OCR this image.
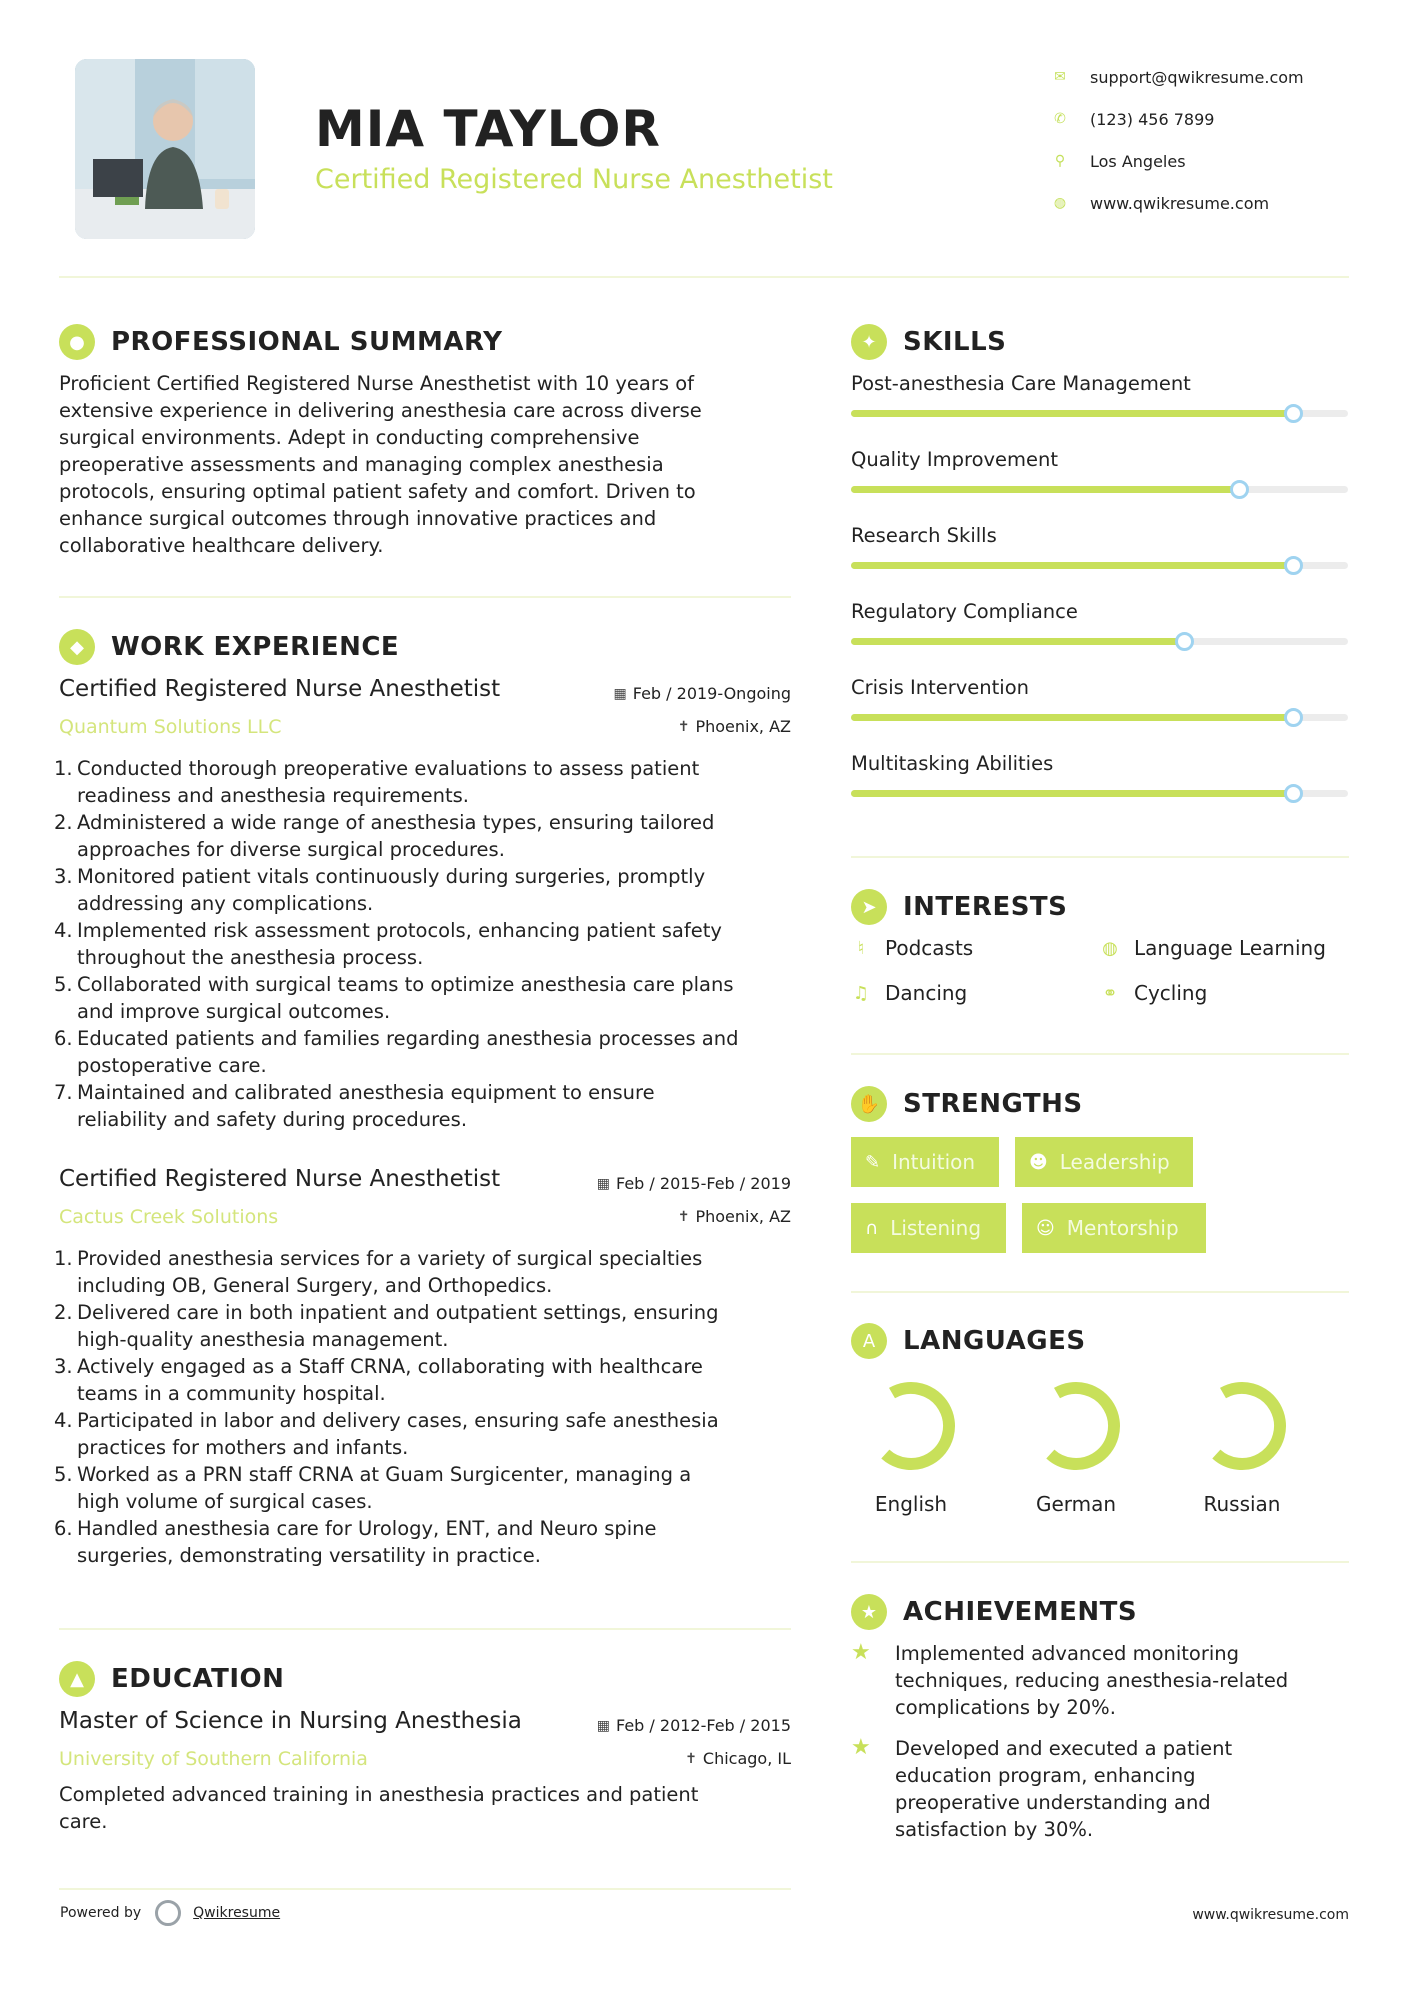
MIA TAYLOR
Certified Registered Nurse Anesthetist
✉ support@qwikresume.com
✆ (123) 456 7899
⚲	Los Angeles
◍ www.qwikresume.com
●	PROFESSIONAL SUMMARY
Proficient Certified Registered Nurse Anesthetist with 10 years of
extensive experience in delivering anesthesia care across diverse
surgical environments. Adept in conducting comprehensive
preoperative assessments and managing complex anesthesia
protocols, ensuring optimal patient safety and comfort. Driven to
enhance surgical outcomes through innovative practices and
collaborative healthcare delivery.
◆	WORK EXPERIENCE
Certified Registered Nurse Anesthetist	▦ Feb / 2019-Ongoing
Quantum Solutions LLC	✝ Phoenix, AZ
1. Conducted thorough preoperative evaluations to assess patient
readiness and anesthesia requirements.
2. Administered a wide range of anesthesia types, ensuring tailored
approaches for diverse surgical procedures.
3. Monitored patient vitals continuously during surgeries, promptly
addressing any complications.
4. Implemented risk assessment protocols, enhancing patient safety
throughout the anesthesia process.
5. Collaborated with surgical teams to optimize anesthesia care plans
and improve surgical outcomes.
6. Educated patients and families regarding anesthesia processes and
postoperative care.
7. Maintained and calibrated anesthesia equipment to ensure
reliability and safety during procedures.
Certified Registered Nurse Anesthetist	▦ Feb / 2015-Feb / 2019
Cactus Creek Solutions	✝ Phoenix, AZ
1. Provided anesthesia services for a variety of surgical specialties
including OB, General Surgery, and Orthopedics.
2. Delivered care in both inpatient and outpatient settings, ensuring
high-quality anesthesia management.
3. Actively engaged as a Staff CRNA, collaborating with healthcare
teams in a community hospital.
4. Participated in labor and delivery cases, ensuring safe anesthesia
practices for mothers and infants.
5. Worked as a PRN staff CRNA at Guam Surgicenter, managing a
high volume of surgical cases.
6. Handled anesthesia care for Urology, ENT, and Neuro spine
surgeries, demonstrating versatility in practice.
▲	EDUCATION
Master of Science in Nursing Anesthesia	▦ Feb / 2012-Feb / 2015
University of Southern California	✝ Chicago, IL
Completed advanced training in anesthesia practices and patient
care.
✦	SKILLS
Post-anesthesia Care Management
Quality Improvement
Research Skills
Regulatory Compliance
Crisis Intervention
Multitasking Abilities
➤	INTERESTS
♮	Podcasts	◍ Language Learning
♫ Dancing	⚭ Cycling
✋ STRENGTHS
✎ Intuition	☻ Leadership
∩ Listening	☺ Mentorship
A	LANGUAGES
English	German	Russian
★ ACHIEVEMENTS
★	Implemented advanced monitoring
techniques, reducing anesthesia-related
complications by 20%.
★	Developed and executed a patient
education program, enhancing
preoperative understanding and
satisfaction by 30%.
Powered by	Qwikresume	www.qwikresume.com
